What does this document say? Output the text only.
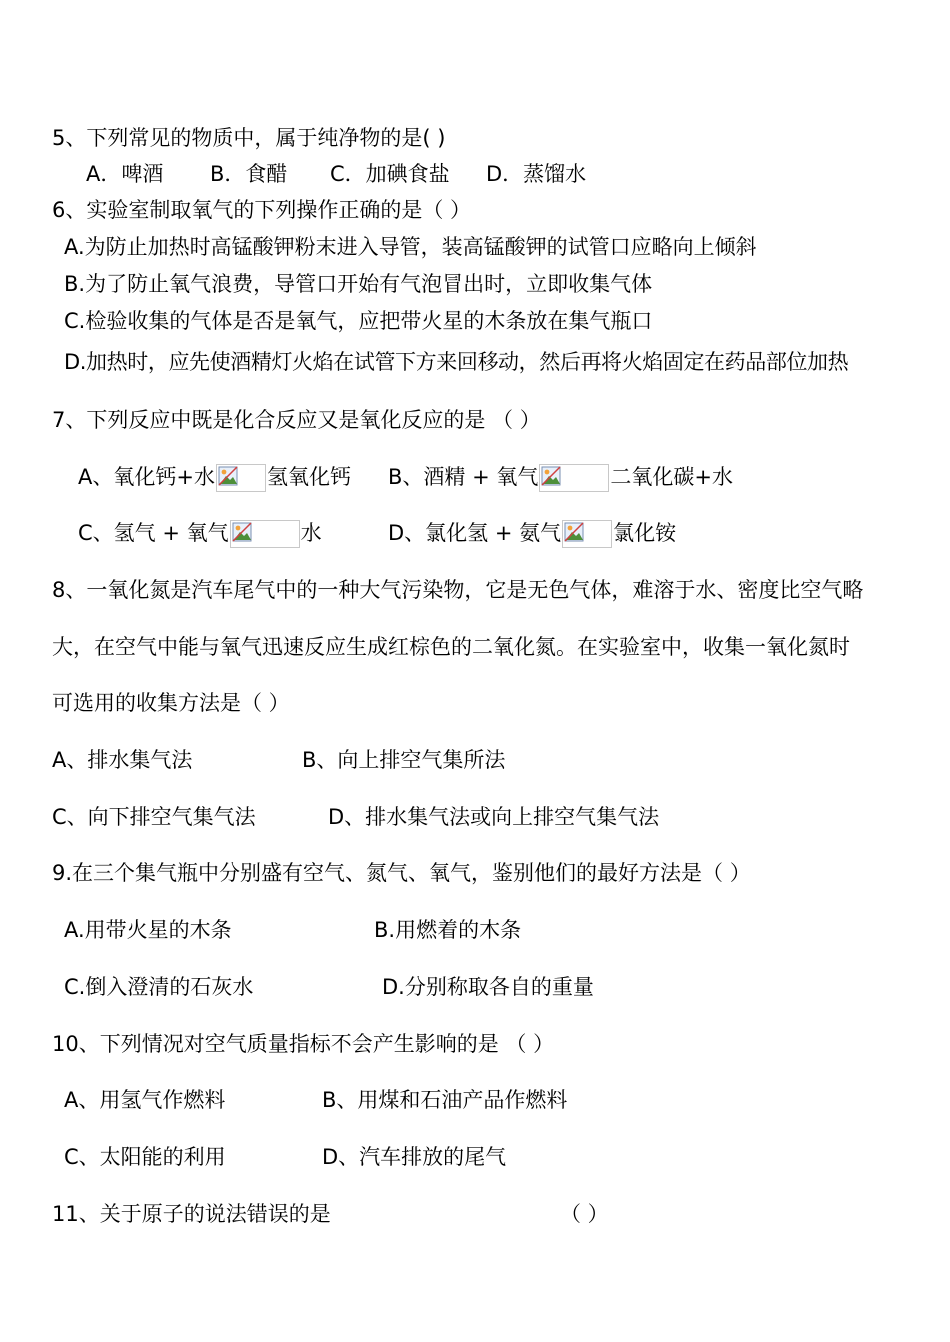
5、下列常见的物质中，属于纯净物的是( )
A．啤酒 B．食醋 C．加碘食盐 D．蒸馏水
6、实验室制取氧气的下列操作正确的是（ ）
A.为防止加热时高锰酸钾粉末进入导管，装高锰酸钾的试管口应略向上倾斜
B.为了防止氧气浪费，导管口开始有气泡冒出时，立即收集气体
C.检验收集的气体是否是氧气，应把带火星的木条放在集气瓶口
D.加热时，应先使酒精灯火焰在试管下方来回移动，然后再将火焰固定在药品部位加热
7、下列反应中既是化合反应又是氧化反应的是 （ ）
A、氧化钙+水 氢氧化钙 B、酒精 + 氧气	二氧化碳+水
C、氢气 + 氧气	水	D、氯化氢 + 氨气 氯化铵
8、一氧化氮是汽车尾气中的一种大气污染物，它是无色气体，难溶于水、密度比空气略
大，在空气中能与氧气迅速反应生成红棕色的二氧化氮。在实验室中，收集一氧化氮时
可选用的收集方法是（ ）
A、排水集气法	B、向上排空气集所法
C、向下排空气集气法	D、排水集气法或向上排空气集气法
9.在三个集气瓶中分别盛有空气、氮气、氧气，鉴别他们的最好方法是（ ）
A.用带火星的木条	B.用燃着的木条
C.倒入澄清的石灰水	D.分别称取各自的重量
10、下列情况对空气质量指标不会产生影响的是 （ ）
A、用氢气作燃料	B、用煤和石油产品作燃料
C、太阳能的利用	D、汽车排放的尾气
11、关于原子的说法错误的是	（ ）
